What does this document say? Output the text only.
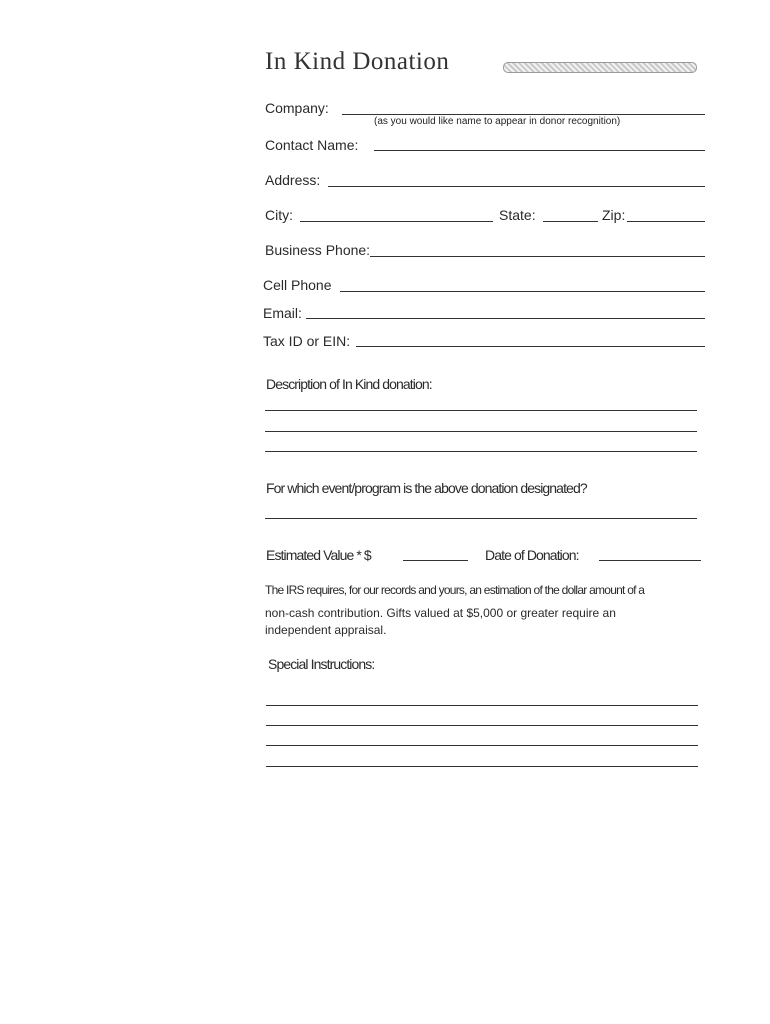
In Kind Donation
Company:
(as you would like name to appear in donor recognition)
Contact Name:
Address:
City:	State:	Zip:
Business Phone:
Cell Phone
Email:
Tax ID or EIN:
Description of In Kind donation:
For which event/program is the above donation designated?
Estimated Value * $	Date of Donation:
The IRS requires, for our records and yours, an estimation of the dollar amount of a
non-cash contribution. Gifts valued at $5,000 or greater require an
independent appraisal.
Special Instructions:
